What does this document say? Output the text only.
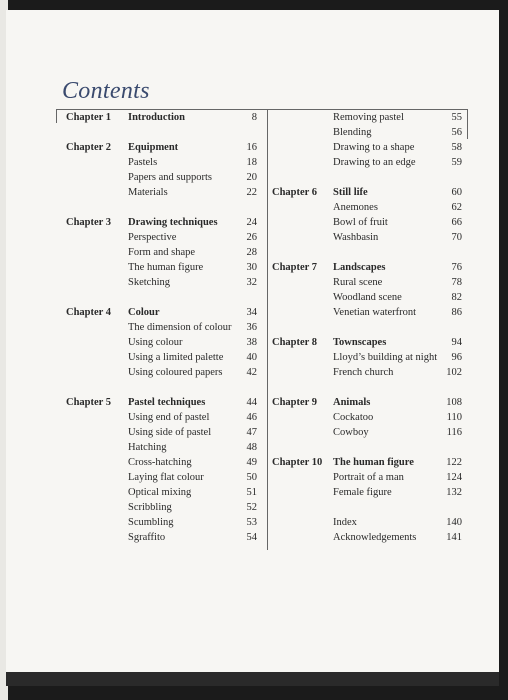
Contents
Chapter 1 Introduction	8
Chapter 2 Equipment	16
Pastels	18
Papers and supports	20
Materials	22
Chapter 3 Drawing techniques	24
Perspective	26
Form and shape	28
The human figure	30
Sketching	32
Chapter 4 Colour	34
The dimension of colour	36
Using colour	38
Using a limited palette	40
Using coloured papers	42
Chapter 5 Pastel techniques	44
Using end of pastel	46
Using side of pastel	47
Hatching	48
Cross-hatching	49
Laying flat colour	50
Optical mixing	51
Scribbling	52
Scumbling	53
Sgraffito	54
Removing pastel	55
Blending	56
Drawing to a shape	58
Drawing to an edge	59
Chapter 6 Still life	60
Anemones	62
Bowl of fruit	66
Washbasin	70
Chapter 7 Landscapes	76
Rural scene	78
Woodland scene	82
Venetian waterfront	86
Chapter 8 Townscapes	94
Lloyd’s building at night	96
French church	102
Chapter 9 Animals	108
Cockatoo	110
Cowboy	116
Chapter 10 The human figure	122
Portrait of a man	124
Female figure	132
Index	140
Acknowledgements	141
